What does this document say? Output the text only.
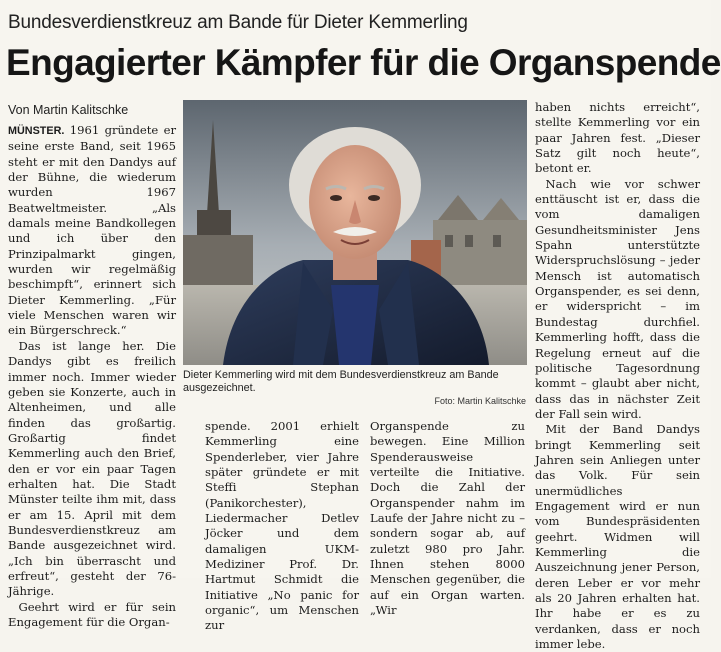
Bundesverdienstkreuz am Bande für Dieter Kemmerling
Engagierter Kämpfer für die Organspende
Von Martin Kalitschke

MÜNSTER. 1961 gründete er seine erste Band, seit 1965 steht er mit den Dandys auf der Bühne, die wiederum wurden 1967 Beatweltmeister. „Als damals meine Bandkollegen und ich über den Prinzipalmarkt gingen, wurden wir regelmäßig beschimpft“, erinnert sich Dieter Kemmerling. „Für viele Menschen waren wir ein Bürgerschreck.“

Das ist lange her. Die Dandys gibt es freilich immer noch. Immer wieder geben sie Konzerte, auch in Altenheimen, und alle finden das großartig. Großartig findet Kemmerling auch den Brief, den er vor ein paar Tagen erhalten hat. Die Stadt Münster teilte ihm mit, dass er am 15. April mit dem Bundesverdienstkreuz am Bande ausgezeichnet wird. „Ich bin überrascht und erfreut“, gesteht der 76-Jährige.

Geehrt wird er für sein Engagement für die Organ-

Dieter Kemmerling wird mit dem Bundesverdienstkreuz am Bande ausgezeichnet.
Foto: Martin Kalitschke

spende. 2001 erhielt Kemmerling eine Spenderleber, vier Jahre später gründete er mit Steffi Stephan (Panikorchester), Liedermacher Detlev Jöcker und dem damaligen UKM-Mediziner Prof. Dr. Hartmut Schmidt die Initiative „No panic for organic“, um Menschen zur

Organspende zu bewegen. Eine Million Spenderausweise verteilte die Initiative. Doch die Zahl der Organspender nahm im Laufe der Jahre nicht zu – sondern sogar ab, auf zuletzt 980 pro Jahr. Ihnen stehen 8000 Menschen gegenüber, die auf ein Organ warten. „Wir

haben nichts erreicht“, stellte Kemmerling vor ein paar Jahren fest. „Dieser Satz gilt noch heute“, betont er.

Nach wie vor schwer enttäuscht ist er, dass die vom damaligen Gesundheitsminister Jens Spahn unterstützte Widerspruchslösung – jeder Mensch ist automatisch Organspender, es sei denn, er widerspricht – im Bundestag durchfiel. Kemmerling hofft, dass die Regelung erneut auf die politische Tagesordnung kommt – glaubt aber nicht, dass das in nächster Zeit der Fall sein wird.

Mit der Band Dandys bringt Kemmerling seit Jahren sein Anliegen unter das Volk. Für sein unermüdliches Engagement wird er nun vom Bundespräsidenten geehrt. Widmen will Kemmerling die Auszeichnung jener Person, deren Leber er vor mehr als 20 Jahren erhalten hat. Ihr habe er es zu verdanken, dass er noch immer lebe.
